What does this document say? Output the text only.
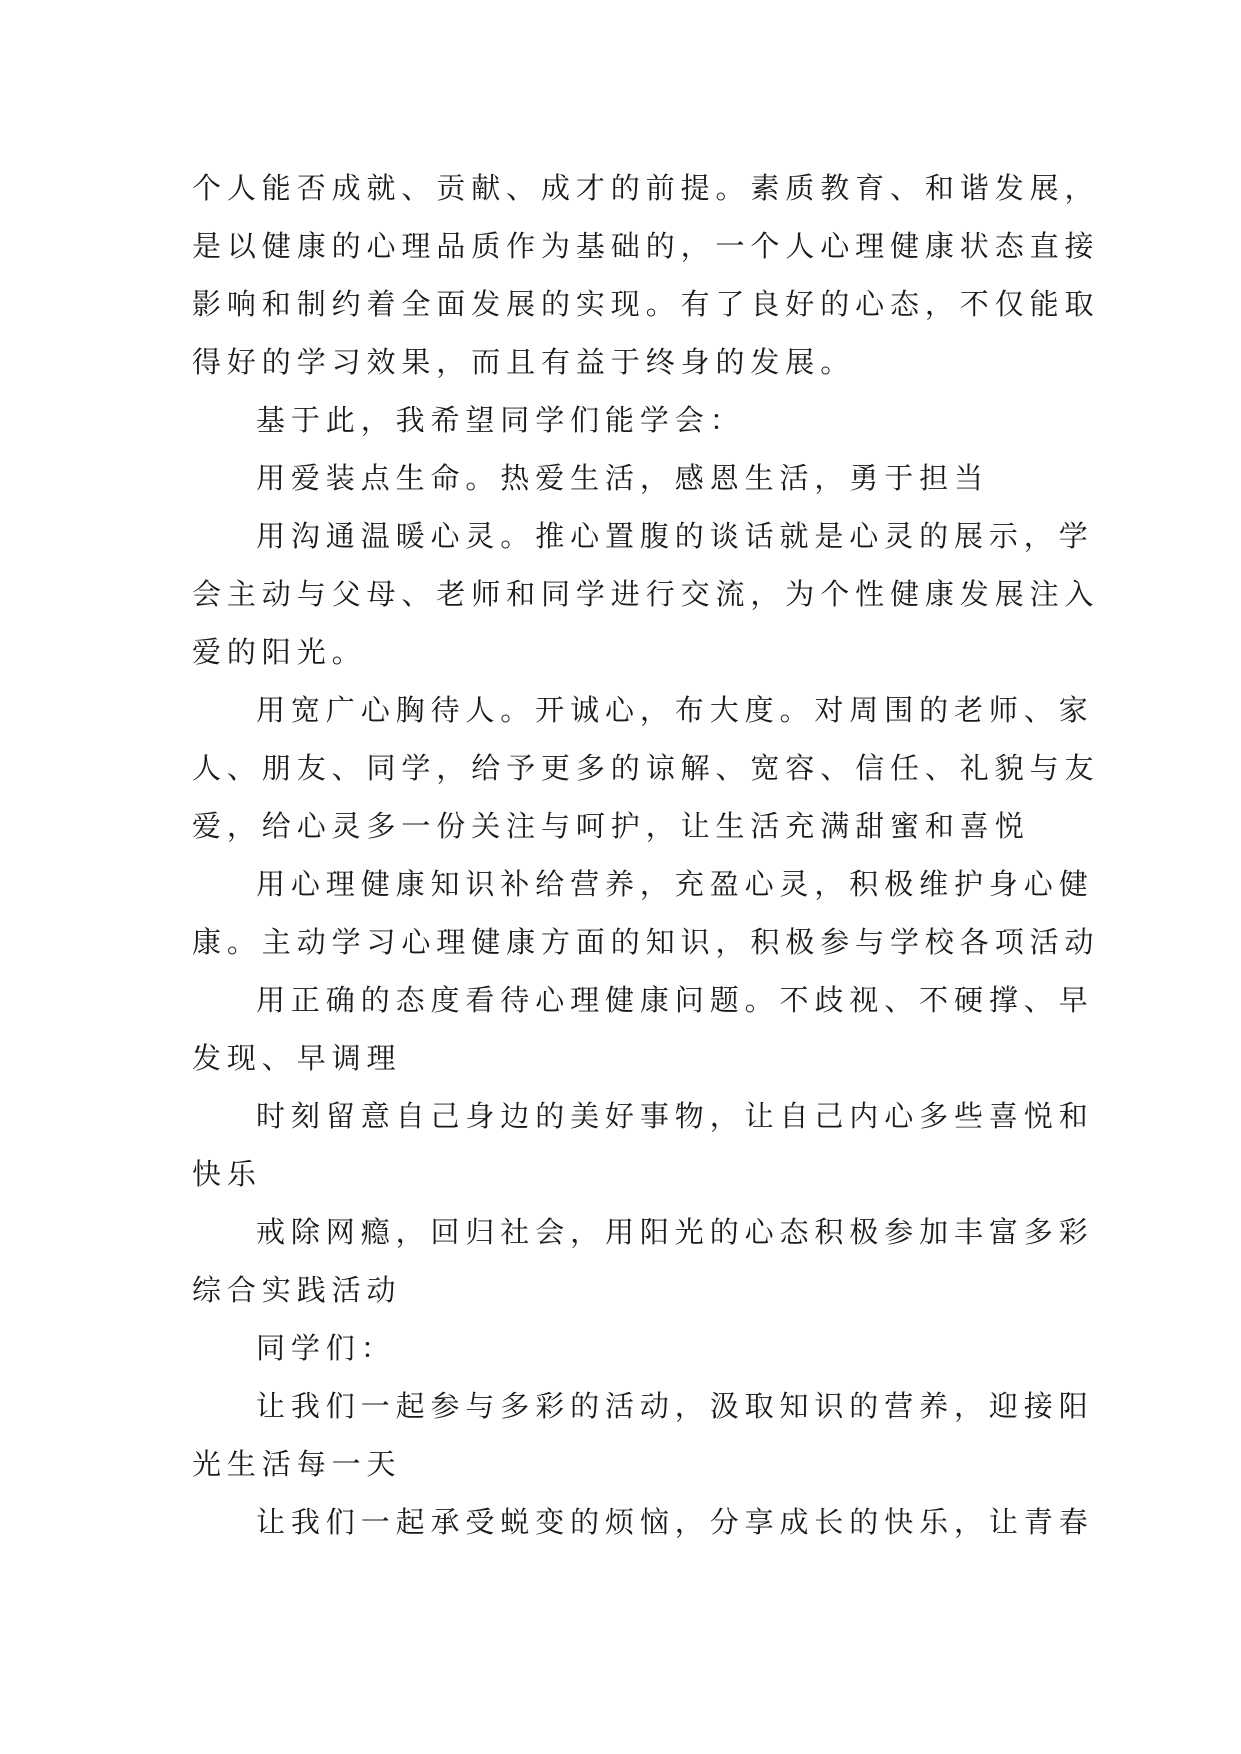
个人能否成就、贡献、成才的前提。素质教育、和谐发展，

是以健康的心理品质作为基础的，一个人心理健康状态直接

影响和制约着全面发展的实现。有了良好的心态，不仅能取

得好的学习效果，而且有益于终身的发展。

基于此，我希望同学们能学会：

用爱装点生命。热爱生活，感恩生活，勇于担当

用沟通温暖心灵。推心置腹的谈话就是心灵的展示，学

会主动与父母、老师和同学进行交流，为个性健康发展注入

爱的阳光。

用宽广心胸待人。开诚心，布大度。对周围的老师、家

人、朋友、同学，给予更多的谅解、宽容、信任、礼貌与友

爱，给心灵多一份关注与呵护，让生活充满甜蜜和喜悦

用心理健康知识补给营养，充盈心灵，积极维护身心健

康。主动学习心理健康方面的知识，积极参与学校各项活动

用正确的态度看待心理健康问题。不歧视、不硬撑、早

发现、早调理

时刻留意自己身边的美好事物，让自己内心多些喜悦和

快乐

戒除网瘾，回归社会，用阳光的心态积极参加丰富多彩

综合实践活动

同学们：

让我们一起参与多彩的活动，汲取知识的营养，迎接阳

光生活每一天

让我们一起承受蜕变的烦恼，分享成长的快乐，让青春
